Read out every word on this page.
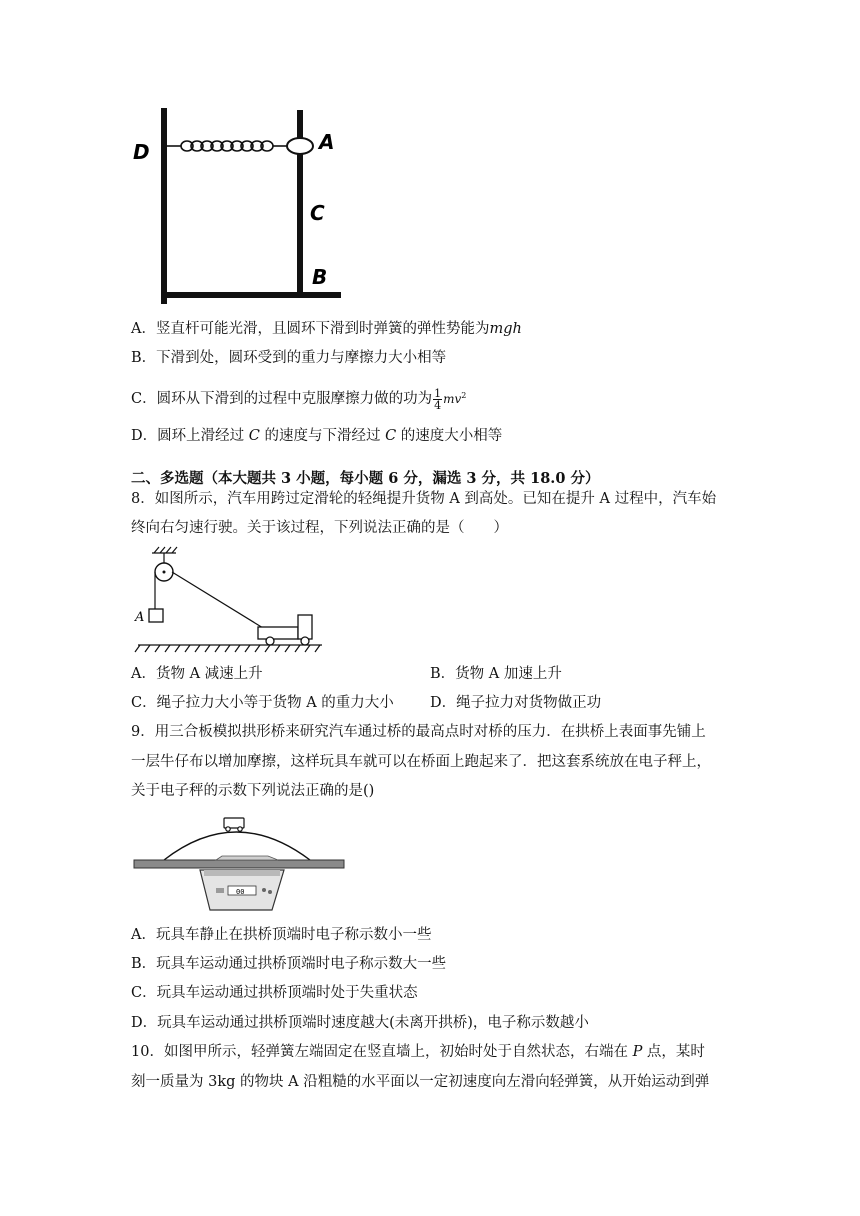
D	A
C
B
A．竖直杆可能光滑，且圆环下滑到时弹簧的弹性势能为mgh
B．下滑到处，圆环受到的重力与摩擦力大小相等
C．圆环从下滑到的过程中克服摩擦力做的功为 $\frac{1}{4} mv^2$
D．圆环上滑经过 C 的速度与下滑经过 C 的速度大小相等
二、多选题（本大题共 3 小题，每小题 6 分，漏选 3 分，共 18.0 分）
8．如图所示，汽车用跨过定滑轮的轻绳提升货物 A 到高处。已知在提升 A 过程中，汽车始
终向右匀速行驶。关于该过程，下列说法正确的是（　　）
A
A．货物 A 减速上升	B．货物 A 加速上升
C．绳子拉力大小等于货物 A 的重力大小 D．绳子拉力对货物做正功
9．用三合板模拟拱形桥来研究汽车通过桥的最高点时对桥的压力．在拱桥上表面事先铺上
一层牛仔布以增加摩擦，这样玩具车就可以在桥面上跑起来了．把这套系统放在电子秤上，
关于电子秤的示数下列说法正确的是()
00
A．玩具车静止在拱桥顶端时电子称示数小一些
B．玩具车运动通过拱桥顶端时电子称示数大一些
C．玩具车运动通过拱桥顶端时处于失重状态
D．玩具车运动通过拱桥顶端时速度越大(未离开拱桥)，电子称示数越小
10．如图甲所示，轻弹簧左端固定在竖直墙上，初始时处于自然状态，右端在 P 点，某时
刻一质量为 3kg 的物块 A 沿粗糙的水平面以一定初速度向左滑向轻弹簧，从开始运动到弹
